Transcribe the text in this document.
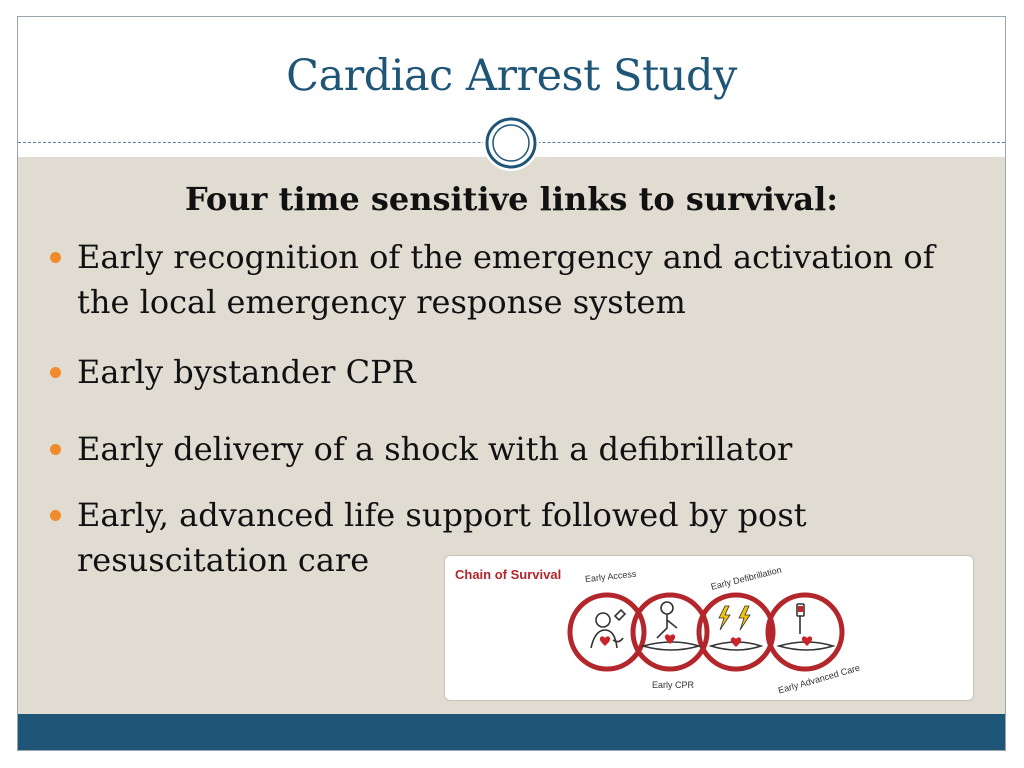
Cardiac Arrest Study
Four time sensitive links to survival:
Early recognition of the emergency and activation of the local emergency response system
Early bystander CPR
Early delivery of a shock with a defibrillator
Early, advanced life support followed by post resuscitation care	Chain of Survival	Early Access	Early Defibrillation
Early CPR	Early Advanced Care
